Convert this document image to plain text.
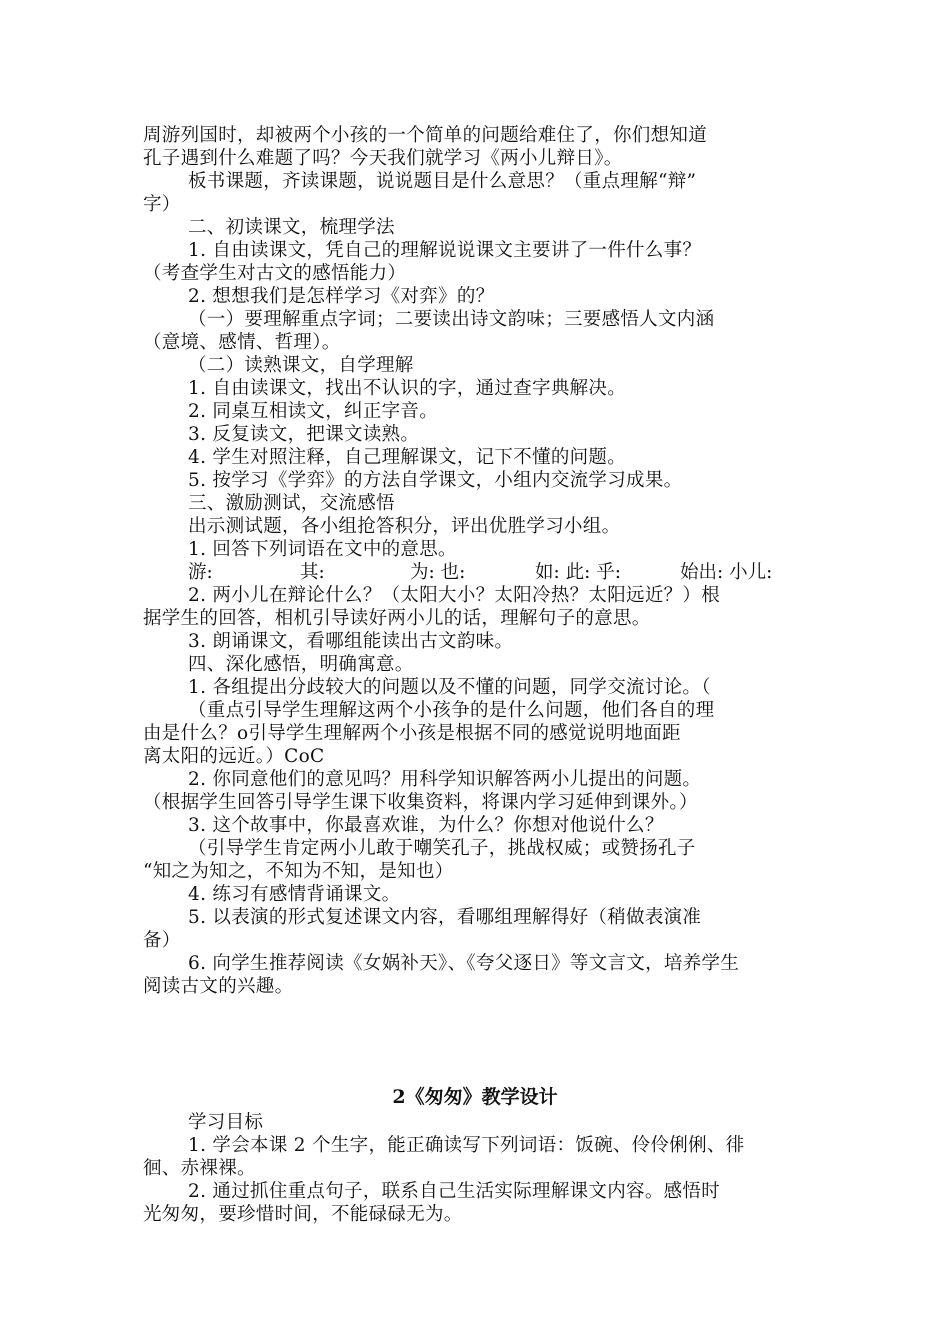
周游列国时，却被两个小孩的一个简单的问题给难住了，你们想知道
孔子遇到什么难题了吗？今天我们就学习《两小儿辩日》。
板书课题，齐读课题，说说题目是什么意思？（重点理解“辩”
字）
二、初读课文，梳理学法
1. 自由读课文，凭自己的理解说说课文主要讲了一件什么事？
（考查学生对古文的感悟能力）
2. 想想我们是怎样学习《对弈》的？
（一）要理解重点字词；二要读出诗文韵味；三要感悟人文内涵
（意境、感情、哲理）。
（二）读熟课文，自学理解
1. 自由读课文，找出不认识的字，通过查字典解决。
2. 同桌互相读文，纠正字音。
3. 反复读文，把课文读熟。
4. 学生对照注释，自己理解课文，记下不懂的问题。
5. 按学习《学弈》的方法自学课文，小组内交流学习成果。
三、激励测试，交流感悟
出示测试题，各小组抢答积分，评出优胜学习小组。
1. 回答下列词语在文中的意思。
游:	其:	为: 也:	如: 此: 乎:	始出: 小儿:
2. 两小儿在辩论什么？（太阳大小？太阳冷热？太阳远近？）根
据学生的回答，相机引导读好两小儿的话，理解句子的意思。
3. 朗诵课文，看哪组能读出古文韵味。
四、深化感悟，明确寓意。
1. 各组提出分歧较大的问题以及不懂的问题，同学交流讨论。（
（重点引导学生理解这两个小孩争的是什么问题，他们各自的理
由是什么？o引导学生理解两个小孩是根据不同的感觉说明地面距
离太阳的远近。）CoC
2. 你同意他们的意见吗？用科学知识解答两小儿提出的问题。
（根据学生回答引导学生课下收集资料，将课内学习延伸到课外。）
3. 这个故事中，你最喜欢谁，为什么？你想对他说什么？
（引导学生肯定两小儿敢于嘲笑孔子，挑战权威；或赞扬孔子
“知之为知之，不知为不知，是知也）
4. 练习有感情背诵课文。
5. 以表演的形式复述课文内容，看哪组理解得好（稍做表演准
备）
6. 向学生推荐阅读《女娲补天》、《夸父逐日》等文言文，培养学生
阅读古文的兴趣。
2《匆匆》教学设计
学习目标
1. 学会本课 2 个生字，能正确读写下列词语：饭碗、伶伶俐俐、徘
徊、赤裸裸。
2. 通过抓住重点句子，联系自己生活实际理解课文内容。感悟时
光匆匆，要珍惜时间，不能碌碌无为。
